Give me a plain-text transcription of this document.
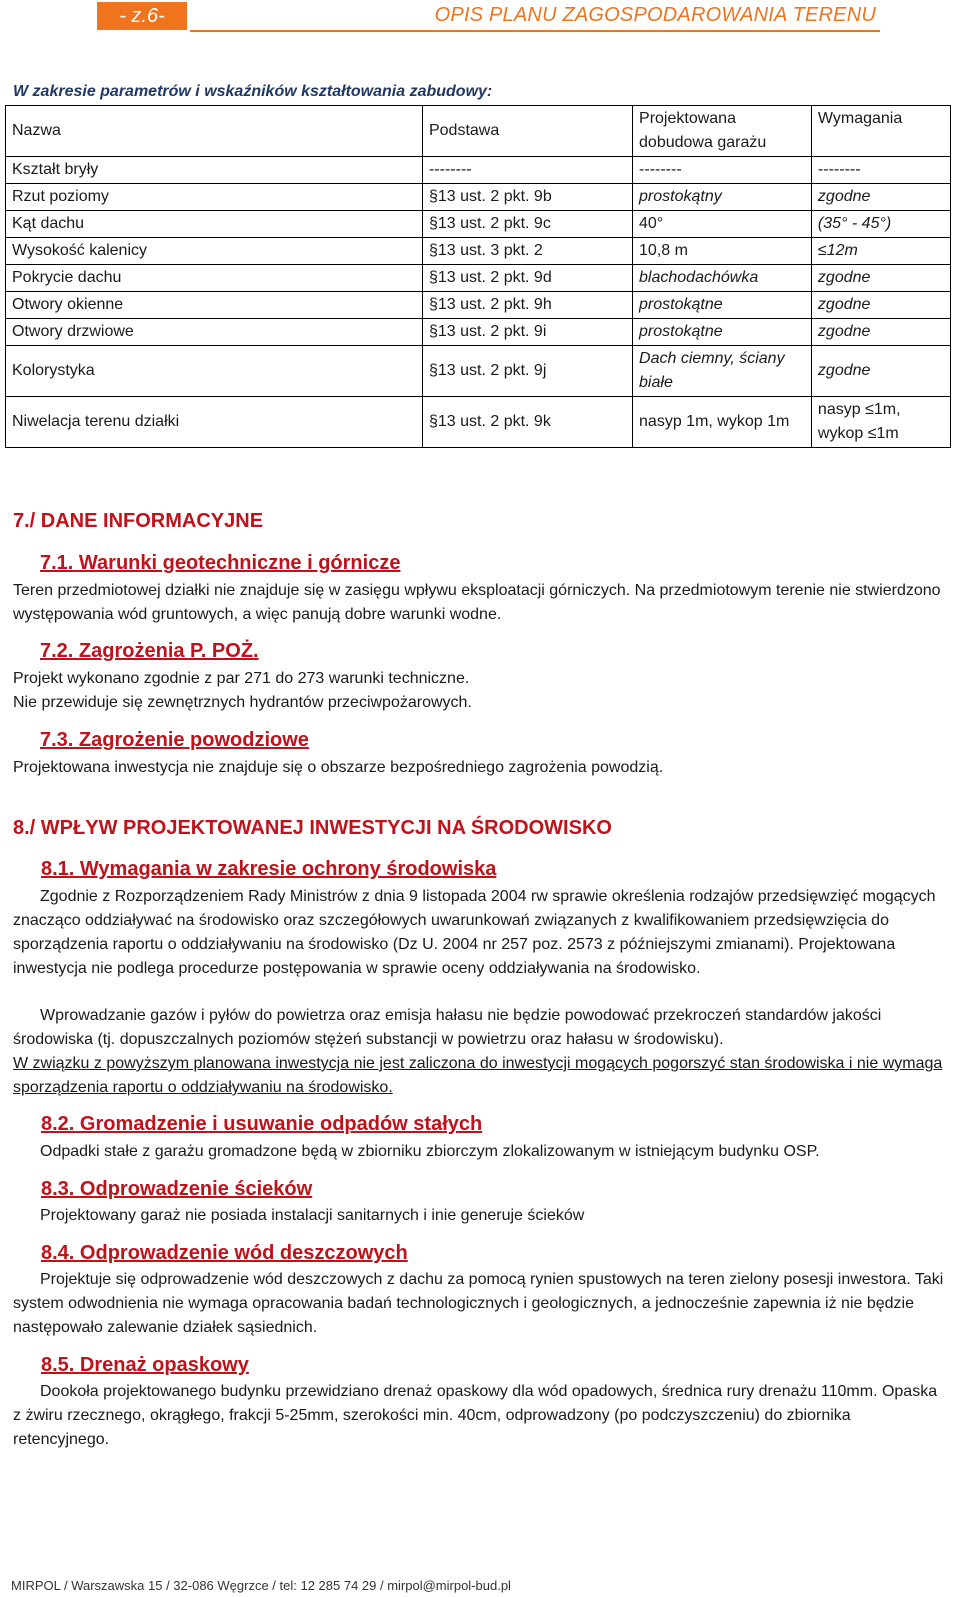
- z.6-	OPIS PLANU ZAGOSPODAROWANIA TERENU
W zakresie parametrów i wskaźników kształtowania zabudowy:
Nazwa	Podstawa	Projektowana dobudowa garażu	Wymagania
Kształt bryły	--------	--------	--------
Rzut poziomy	§13 ust. 2 pkt. 9b	prostokątny	zgodne
Kąt dachu	§13 ust. 2 pkt. 9c	40°	(35° - 45°)
Wysokość kalenicy	§13 ust. 3 pkt. 2	10,8 m	≤12m
Pokrycie dachu	§13 ust. 2 pkt. 9d	blachodachówka	zgodne
Otwory okienne	§13 ust. 2 pkt. 9h	prostokątne	zgodne
Otwory drzwiowe	§13 ust. 2 pkt. 9i	prostokątne	zgodne
Kolorystyka	§13 ust. 2 pkt. 9j	Dach ciemny, ściany białe	zgodne
Niwelacja terenu działki	§13 ust. 2 pkt. 9k	nasyp 1m, wykop 1m	nasyp ≤1m, wykop ≤1m
7./ DANE INFORMACYJNE
7.1. Warunki geotechniczne i górnicze

Teren przedmiotowej działki nie znajduje się w zasięgu wpływu eksploatacji górniczych. Na przedmiotowym terenie nie stwierdzono występowania wód gruntowych, a więc panują dobre warunki wodne.

7.2. Zagrożenia P. POŻ.

Projekt wykonano zgodnie z par 271 do 273 warunki techniczne.

Nie przewiduje się zewnętrznych hydrantów przeciwpożarowych.

7.3. Zagrożenie powodziowe

Projektowana inwestycja nie znajduje się o obszarze bezpośredniego zagrożenia powodzią.

8./ WPŁYW PROJEKTOWANEJ INWESTYCJI NA ŚRODOWISKO
8.1. Wymagania w zakresie ochrony środowiska

Zgodnie z Rozporządzeniem Rady Ministrów z dnia 9 listopada 2004 rw sprawie określenia rodzajów przedsięwzięć mogących znacząco oddziaływać na środowisko oraz szczegółowych uwarunkowań związanych z kwalifikowaniem przedsięwzięcia do sporządzenia raportu o oddziaływaniu na środowisko (Dz U. 2004 nr 257 poz. 2573 z późniejszymi zmianami). Projektowana inwestycja nie podlega procedurze postępowania w sprawie oceny oddziaływania na środowisko.

Wprowadzanie gazów i pyłów do powietrza oraz emisja hałasu nie będzie powodować przekroczeń standardów jakości środowiska (tj. dopuszczalnych poziomów stężeń substancji w powietrzu oraz hałasu w środowisku).

W związku z powyższym planowana inwestycja nie jest zaliczona do inwestycji mogących pogorszyć stan środowiska i nie wymaga sporządzenia raportu o oddziaływaniu na środowisko.

8.2. Gromadzenie i usuwanie odpadów stałych

Odpadki stałe z garażu gromadzone będą w zbiorniku zbiorczym zlokalizowanym w istniejącym budynku OSP.

8.3. Odprowadzenie ścieków

Projektowany garaż nie posiada instalacji sanitarnych i inie generuje ścieków

8.4. Odprowadzenie wód deszczowych

Projektuje się odprowadzenie wód deszczowych z dachu za pomocą rynien spustowych na teren zielony posesji inwestora. Taki system odwodnienia nie wymaga opracowania badań technologicznych i geologicznych, a jednocześnie zapewnia iż nie będzie następowało zalewanie działek sąsiednich.

8.5. Drenaż opaskowy

Dookoła projektowanego budynku przewidziano drenaż opaskowy dla wód opadowych, średnica rury drenażu 110mm. Opaska z żwiru rzecznego, okrągłego, frakcji 5-25mm, szerokości min. 40cm, odprowadzony (po podczyszczeniu) do zbiornika retencyjnego.

MIRPOL / Warszawska 15 / 32-086 Węgrzce / tel: 12 285 74 29 / mirpol@mirpol-bud.pl
